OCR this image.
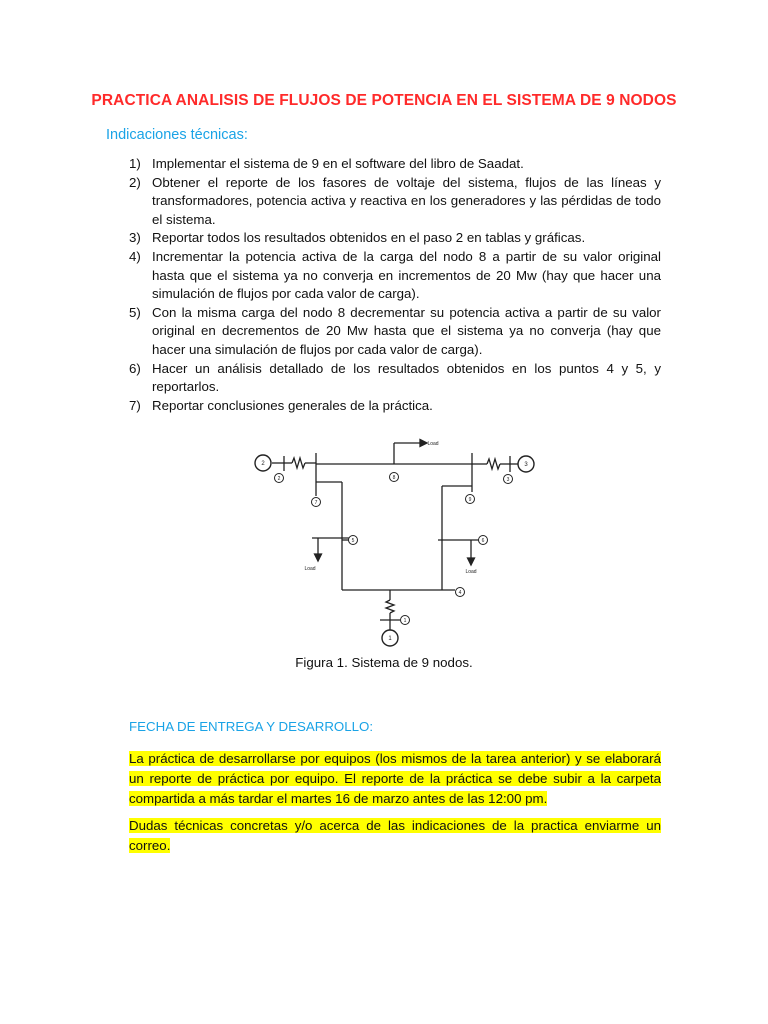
PRACTICA ANALISIS DE FLUJOS DE POTENCIA EN EL SISTEMA DE 9 NODOS
Indicaciones técnicas:
1) Implementar el sistema de 9 en el software del libro de Saadat.
2) Obtener el reporte de los fasores de voltaje del sistema, flujos de las líneas y transformadores, potencia activa y reactiva en los generadores y las pérdidas de todo el sistema.
3) Reportar todos los resultados obtenidos en el paso 2 en tablas y gráficas.
4) Incrementar la potencia activa de la carga del nodo 8 a partir de su valor original hasta que el sistema ya no converja en incrementos de 20 Mw (hay que hacer una simulación de flujos por cada valor de carga).
5) Con la misma carga del nodo 8 decrementar su potencia activa a partir de su valor original en decrementos de 20 Mw hasta que el sistema ya no converja (hay que hacer una simulación de flujos por cada valor de carga).
6) Hacer un análisis detallado de los resultados obtenidos en los puntos 4 y 5, y reportarlos.
7) Reportar conclusiones generales de la práctica.
2	3
1
2	3
8
7	9
5	6
4
1
Load
Load	Load
Figura 1. Sistema de 9 nodos.
FECHA DE ENTREGA Y DESARROLLO:
La práctica de desarrollarse por equipos (los mismos de la tarea anterior) y se elaborará un reporte de práctica por equipo. El reporte de la práctica se debe subir a la carpeta compartida a más tardar el martes 16 de marzo antes de las 12:00 pm.
Dudas técnicas concretas y/o acerca de las indicaciones de la practica enviarme un correo.
